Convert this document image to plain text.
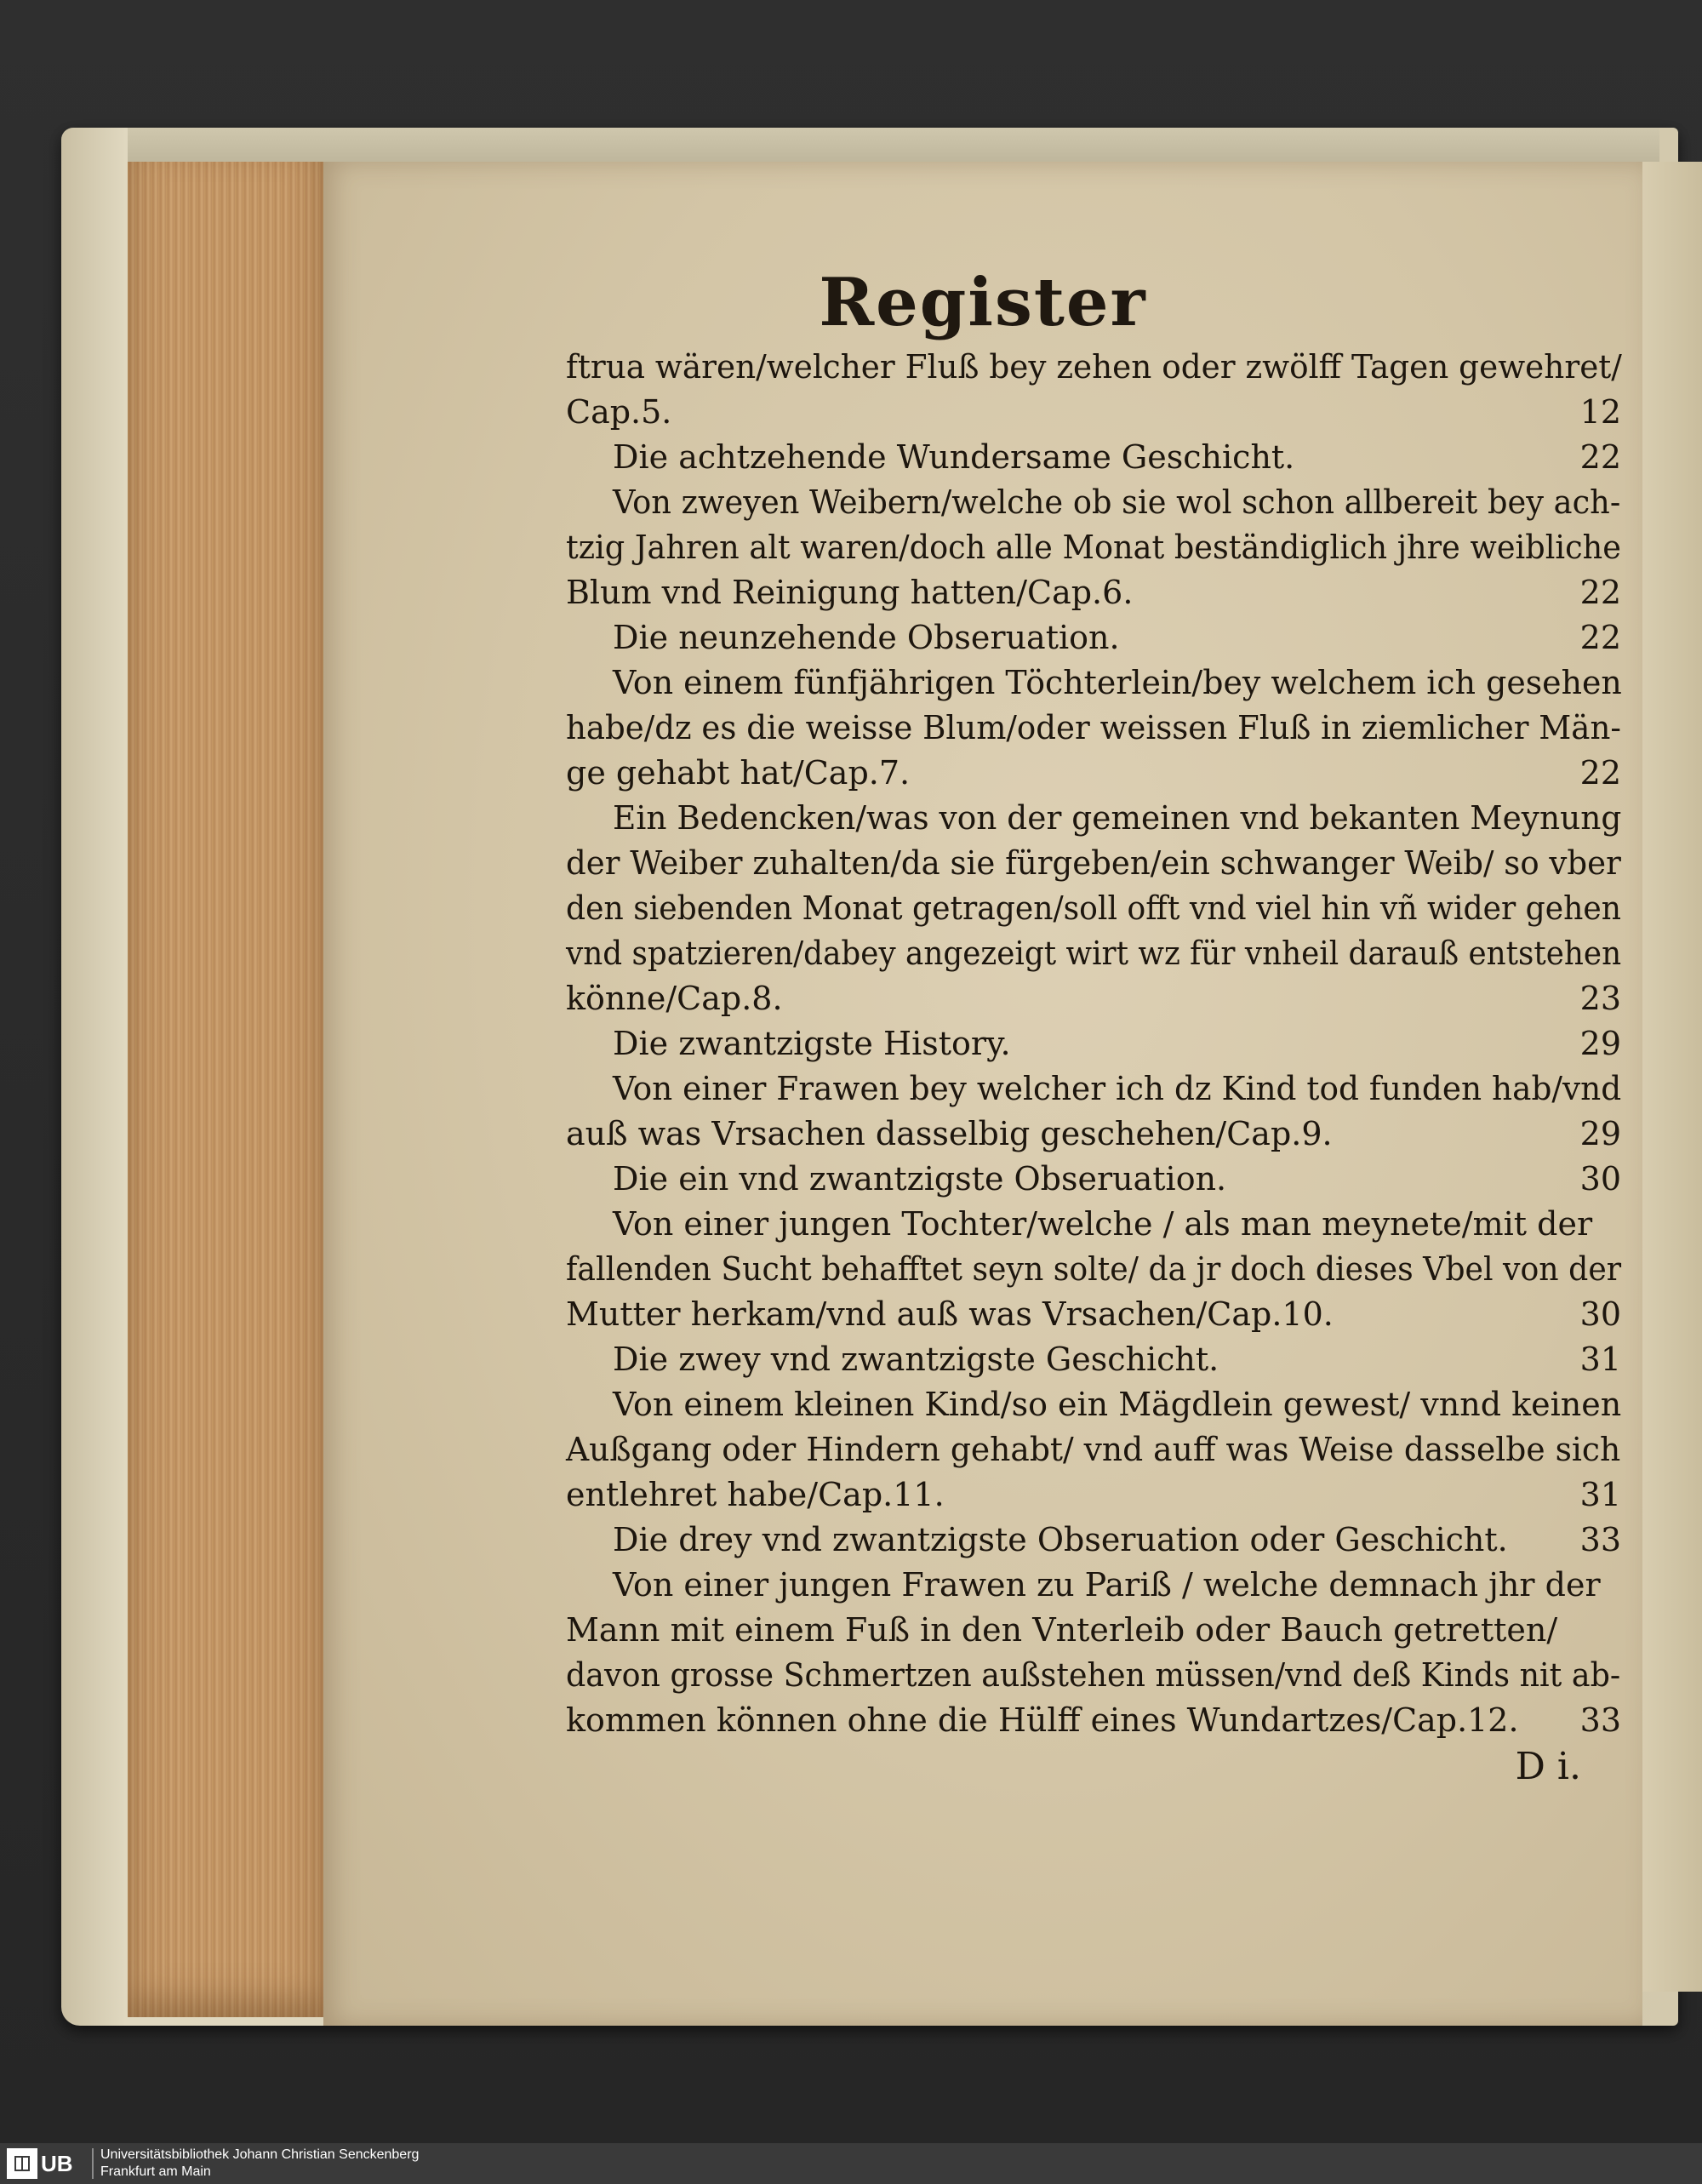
Register
ftrua wären/welcher Fluß bey zehen oder zwölff Tagen gewehret/
Cap.5.	12
Die achtzehende Wundersame Geschicht.	22
Von zweyen Weibern/welche ob sie wol schon allbereit bey ach-
tzig Jahren alt waren/doch alle Monat beständiglich jhre weibliche
Blum vnd Reinigung hatten/Cap.6.	22
Die neunzehende Obseruation.	22
Von einem fünfjährigen Töchterlein/bey welchem ich gesehen
habe/dz es die weisse Blum/oder weissen Fluß in ziemlicher Män-
ge gehabt hat/Cap.7.	22
Ein Bedencken/was von der gemeinen vnd bekanten Meynung
der Weiber zuhalten/da sie fürgeben/ein schwanger Weib/ so vber
den siebenden Monat getragen/soll offt vnd viel hin vñ wider gehen
vnd spatzieren/dabey angezeigt wirt wz für vnheil darauß entstehen
könne/Cap.8.	23
Die zwantzigste History.	29
Von einer Frawen bey welcher ich dz Kind tod funden hab/vnd
auß was Vrsachen dasselbig geschehen/Cap.9.	29
Die ein vnd zwantzigste Obseruation.	30
Von einer jungen Tochter/welche / als man meynete/mit der
fallenden Sucht behafftet seyn solte/ da jr doch dieses Vbel von der
Mutter herkam/vnd auß was Vrsachen/Cap.10.	30
Die zwey vnd zwantzigste Geschicht.	31
Von einem kleinen Kind/so ein Mägdlein gewest/ vnnd keinen
Außgang oder Hindern gehabt/ vnd auff was Weise dasselbe sich
entlehret habe/Cap.11.	31
Die drey vnd zwantzigste Obseruation oder Geschicht. 33
Von einer jungen Frawen zu Pariß / welche demnach jhr der
Mann mit einem Fuß in den Vnterleib oder Bauch getretten/
davon grosse Schmertzen außstehen müssen/vnd deß Kinds nit ab-
kommen können ohne die Hülff eines Wundartzes/Cap.12. 33
D i.
UB Universitätsbibliothek Johann Christian Senckenberg
Frankfurt am Main
